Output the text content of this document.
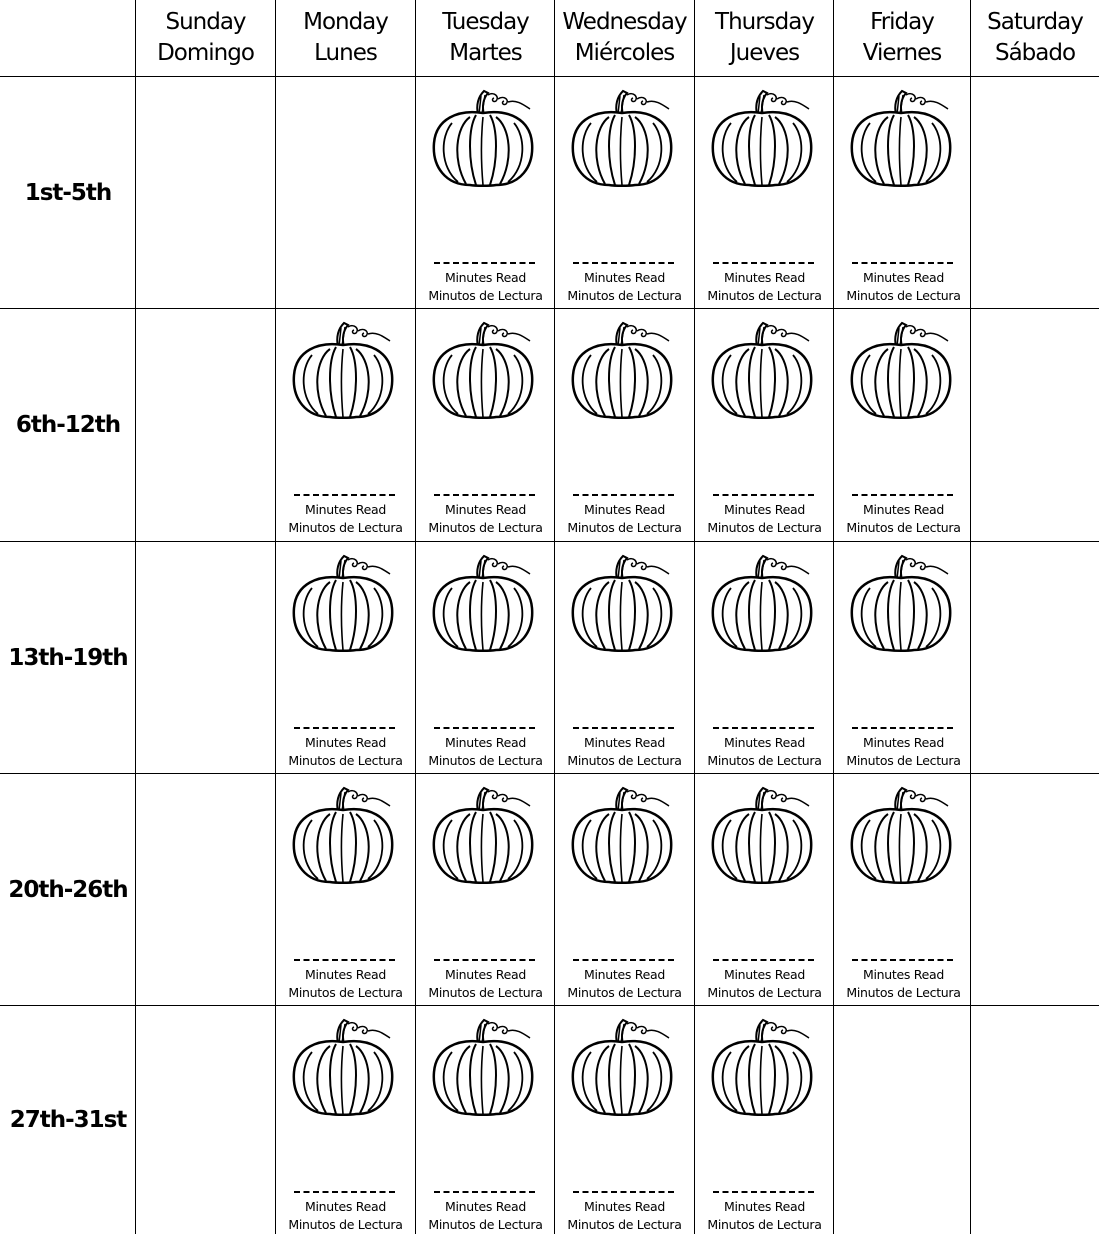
Sunday
Domingo
Monday
Lunes
Tuesday
Martes
Wednesday
Miércoles
Thursday
Jueves
Friday
Viernes
Saturday
Sábado
1st-5th
6th-12th
13th-19th
20th-26th
27th-31st
Minutes Read
Minutos de Lectura
Minutes Read
Minutos de Lectura
Minutes Read
Minutos de Lectura
Minutes Read
Minutos de Lectura
Minutes Read
Minutos de Lectura
Minutes Read
Minutos de Lectura
Minutes Read
Minutos de Lectura
Minutes Read
Minutos de Lectura
Minutes Read
Minutos de Lectura
Minutes Read
Minutos de Lectura
Minutes Read
Minutos de Lectura
Minutes Read
Minutos de Lectura
Minutes Read
Minutos de Lectura
Minutes Read
Minutos de Lectura
Minutes Read
Minutos de Lectura
Minutes Read
Minutos de Lectura
Minutes Read
Minutos de Lectura
Minutes Read
Minutos de Lectura
Minutes Read
Minutos de Lectura
Minutes Read
Minutos de Lectura
Minutes Read
Minutos de Lectura
Minutes Read
Minutos de Lectura
Minutes Read
Minutos de Lectura
